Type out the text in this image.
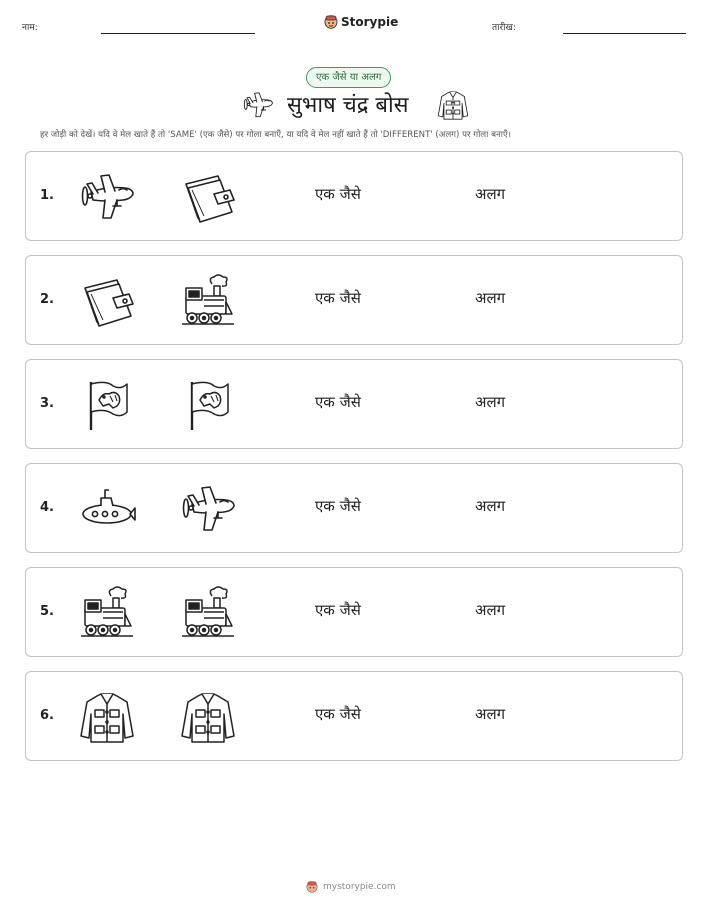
नाम:	Storypie	तारीख:
एक जैसे या अलग
सुभाष चंद्र बोस
हर जोड़ी को देखें। यदि वे मेल खाते हैं तो 'SAME' (एक जैसे) पर गोला बनाएँ, या यदि वे मेल नहीं खाते हैं तो 'DIFFERENT' (अलग) पर गोला बनाएँ।
1.	एक जैसे	अलग
2.	एक जैसे	अलग
3.	एक जैसे	अलग
4.	एक जैसे	अलग
5.	एक जैसे	अलग
6.	एक जैसे	अलग
mystorypie.com
